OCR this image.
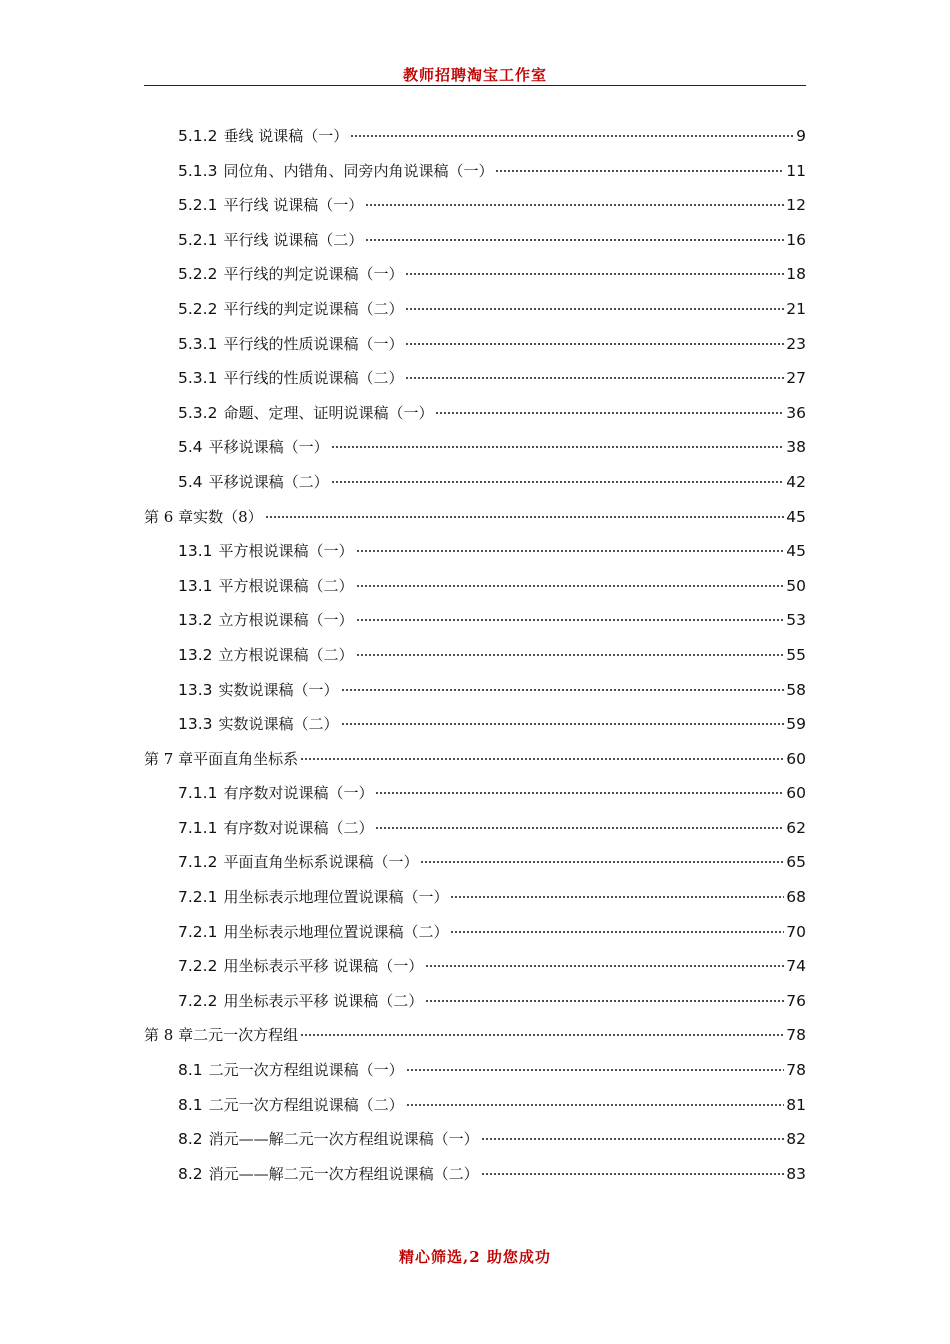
教师招聘淘宝工作室
5.1.2 垂线 说课稿（一）	9
5.1.3 同位角、内错角、同旁内角说课稿（一）	11
5.2.1 平行线 说课稿（一）	12
5.2.1 平行线 说课稿（二）	16
5.2.2 平行线的判定说课稿（一）	18
5.2.2 平行线的判定说课稿（二）	21
5.3.1 平行线的性质说课稿（一）	23
5.3.1 平行线的性质说课稿（二）	27
5.3.2 命题、定理、证明说课稿（一）	36
5.4 平移说课稿（一）	38
5.4 平移说课稿（二）	42
第 6 章实数（8）	45
13.1 平方根说课稿（一）	45
13.1 平方根说课稿（二）	50
13.2 立方根说课稿（一）	53
13.2 立方根说课稿（二）	55
13.3 实数说课稿（一）	58
13.3 实数说课稿（二）	59
第 7 章平面直角坐标系	60
7.1.1 有序数对说课稿（一）	60
7.1.1 有序数对说课稿（二）	62
7.1.2 平面直角坐标系说课稿（一）	65
7.2.1 用坐标表示地理位置说课稿（一）	68
7.2.1 用坐标表示地理位置说课稿（二）	70
7.2.2 用坐标表示平移 说课稿（一）	74
7.2.2 用坐标表示平移 说课稿（二）	76
第 8 章二元一次方程组	78
8.1 二元一次方程组说课稿（一）	78
8.1 二元一次方程组说课稿（二）	81
8.2 消元——解二元一次方程组说课稿（一）	82
8.2 消元——解二元一次方程组说课稿（二）	83
精心筛选,2 助您成功
